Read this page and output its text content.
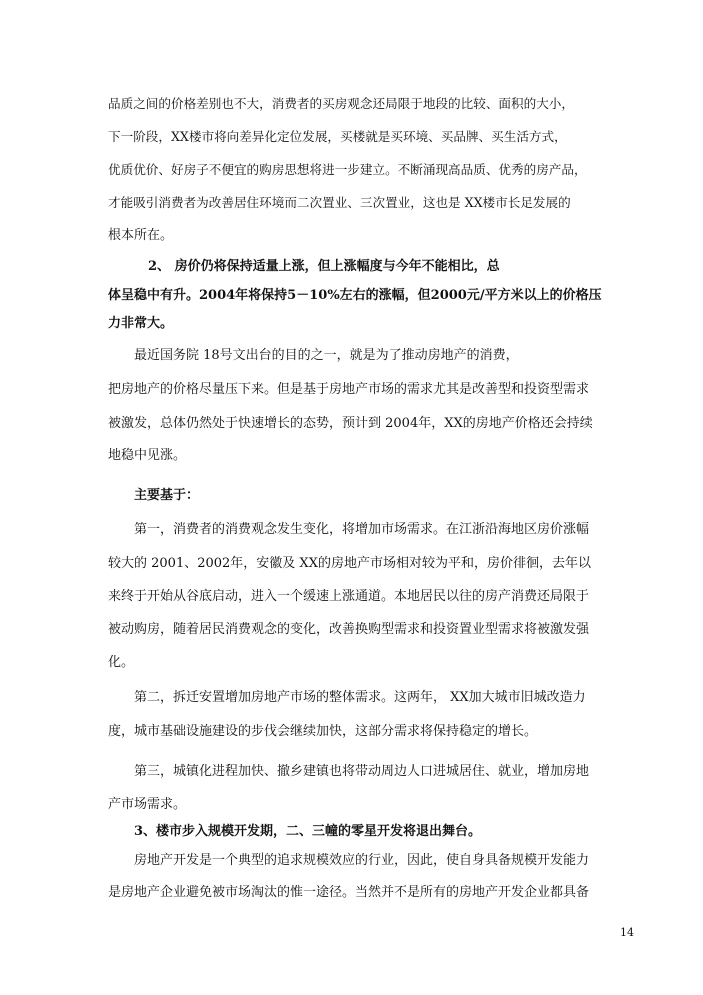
品质之间的价格差别也不大，消费者的买房观念还局限于地段的比较、面积的大小，
下一阶段，XX楼市将向差异化定位发展，买楼就是买环境、买品牌、买生活方式，
优质优价、好房子不便宜的购房思想将进一步建立。不断涌现高品质、优秀的房产品，
才能吸引消费者为改善居住环境而二次置业、三次置业，这也是 XX楼市长足发展的
根本所在。
2、 房价仍将保持适量上涨，但上涨幅度与今年不能相比，总
体呈稳中有升。2004年将保持5－10%左右的涨幅，但2000元/平方米以上的价格压
力非常大。
最近国务院 18号文出台的目的之一，就是为了推动房地产的消费，
把房地产的价格尽量压下来。但是基于房地产市场的需求尤其是改善型和投资型需求
被激发，总体仍然处于快速增长的态势，预计到 2004年，XX的房地产价格还会持续
地稳中见涨。
主要基于：
第一，消费者的消费观念发生变化，将增加市场需求。在江浙沿海地区房价涨幅
较大的 2001、2002年，安徽及 XX的房地产市场相对较为平和，房价徘徊，去年以
来终于开始从谷底启动，进入一个缓速上涨通道。本地居民以往的房产消费还局限于
被动购房，随着居民消费观念的变化，改善换购型需求和投资置业型需求将被激发强
化。
第二，拆迁安置增加房地产市场的整体需求。这两年， XX加大城市旧城改造力
度，城市基础设施建设的步伐会继续加快，这部分需求将保持稳定的增长。
第三，城镇化进程加快、撤乡建镇也将带动周边人口进城居住、就业，增加房地
产市场需求。
3、楼市步入规模开发期，二、三幢的零星开发将退出舞台。
房地产开发是一个典型的追求规模效应的行业，因此，使自身具备规模开发能力
是房地产企业避免被市场淘汰的惟一途径。当然并不是所有的房地产开发企业都具备
14
